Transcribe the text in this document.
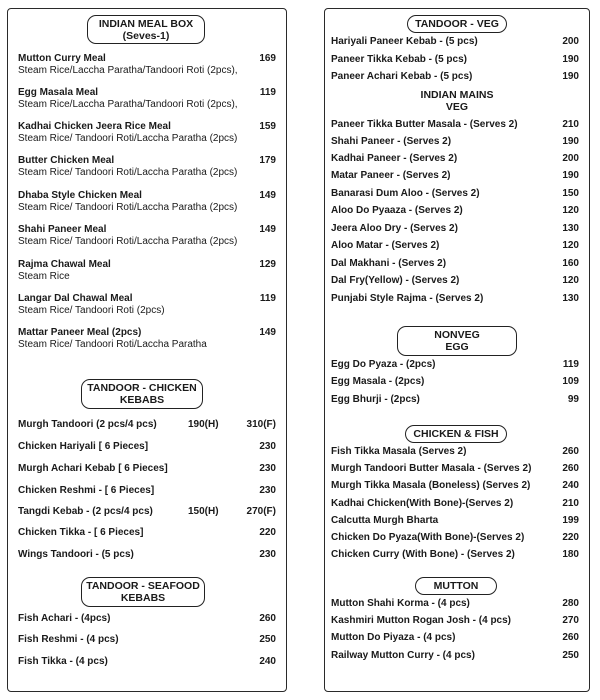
INDIAN MEAL BOX
(Seves-1)
Mutton Curry Meal
Steam Rice/Laccha Paratha/Tandoori Roti (2pcs),
169
Egg Masala Meal
Steam Rice/Laccha Paratha/Tandoori Roti (2pcs),
119
Kadhai Chicken Jeera Rice Meal
Steam Rice/ Tandoori Roti/Laccha Paratha (2pcs)
159
Butter Chicken Meal
Steam Rice/ Tandoori Roti/Laccha Paratha (2pcs)
179
Dhaba Style Chicken Meal
Steam Rice/ Tandoori Roti/Laccha Paratha (2pcs)
149
Shahi Paneer Meal
Steam Rice/ Tandoori Roti/Laccha Paratha (2pcs)
149
Rajma Chawal Meal
Steam Rice
129
Langar Dal Chawal Meal
Steam Rice/ Tandoori Roti (2pcs)
119
Mattar Paneer Meal (2pcs)
Steam Rice/ Tandoori Roti/Laccha Paratha
149
TANDOOR - CHICKEN
KEBABS
Murgh Tandoori (2 pcs/4 pcs)	190(H)	310(F)
Chicken Hariyali [ 6 Pieces]	230
Murgh Achari Kebab [ 6 Pieces]	230
Chicken Reshmi - [ 6 Pieces]	230
Tangdi Kebab - (2 pcs/4 pcs)	150(H)	270(F)
Chicken Tikka - [ 6 Pieces]	220
Wings Tandoori - (5 pcs)	230
TANDOOR - SEAFOOD
KEBABS
Fish Achari - (4pcs)	260
Fish Reshmi - (4 pcs)	250
Fish Tikka - (4 pcs)	240
TANDOOR - VEG
Hariyali Paneer Kebab - (5 pcs)	200
Paneer Tikka Kebab - (5 pcs)	190
Paneer Achari Kebab - (5 pcs)	190
INDIAN MAINS
VEG
Paneer Tikka Butter Masala - (Serves 2)	210
Shahi Paneer - (Serves 2)	190
Kadhai Paneer - (Serves 2)	200
Matar Paneer - (Serves 2)	190
Banarasi Dum Aloo - (Serves 2)	150
Aloo Do Pyaaza - (Serves 2)	120
Jeera Aloo Dry - (Serves 2)	130
Aloo Matar - (Serves 2)	120
Dal Makhani - (Serves 2)	160
Dal Fry(Yellow) - (Serves 2)	120
Punjabi Style Rajma - (Serves 2)	130
NONVEG
EGG
Egg Do Pyaza - (2pcs)	119
Egg Masala - (2pcs)	109
Egg Bhurji - (2pcs)	99
CHICKEN & FISH
Fish Tikka Masala (Serves 2)	260
Murgh Tandoori Butter Masala - (Serves 2)	260
Murgh Tikka Masala (Boneless) (Serves 2)	240
Kadhai Chicken(With Bone)-(Serves 2)	210
Calcutta Murgh Bharta	199
Chicken Do Pyaza(With Bone)-(Serves 2)	220
Chicken Curry (With Bone) - (Serves 2)	180
MUTTON
Mutton Shahi Korma - (4 pcs)	280
Kashmiri Mutton Rogan Josh - (4 pcs)	270
Mutton Do Piyaza - (4 pcs)	260
Railway Mutton Curry - (4 pcs)	250
